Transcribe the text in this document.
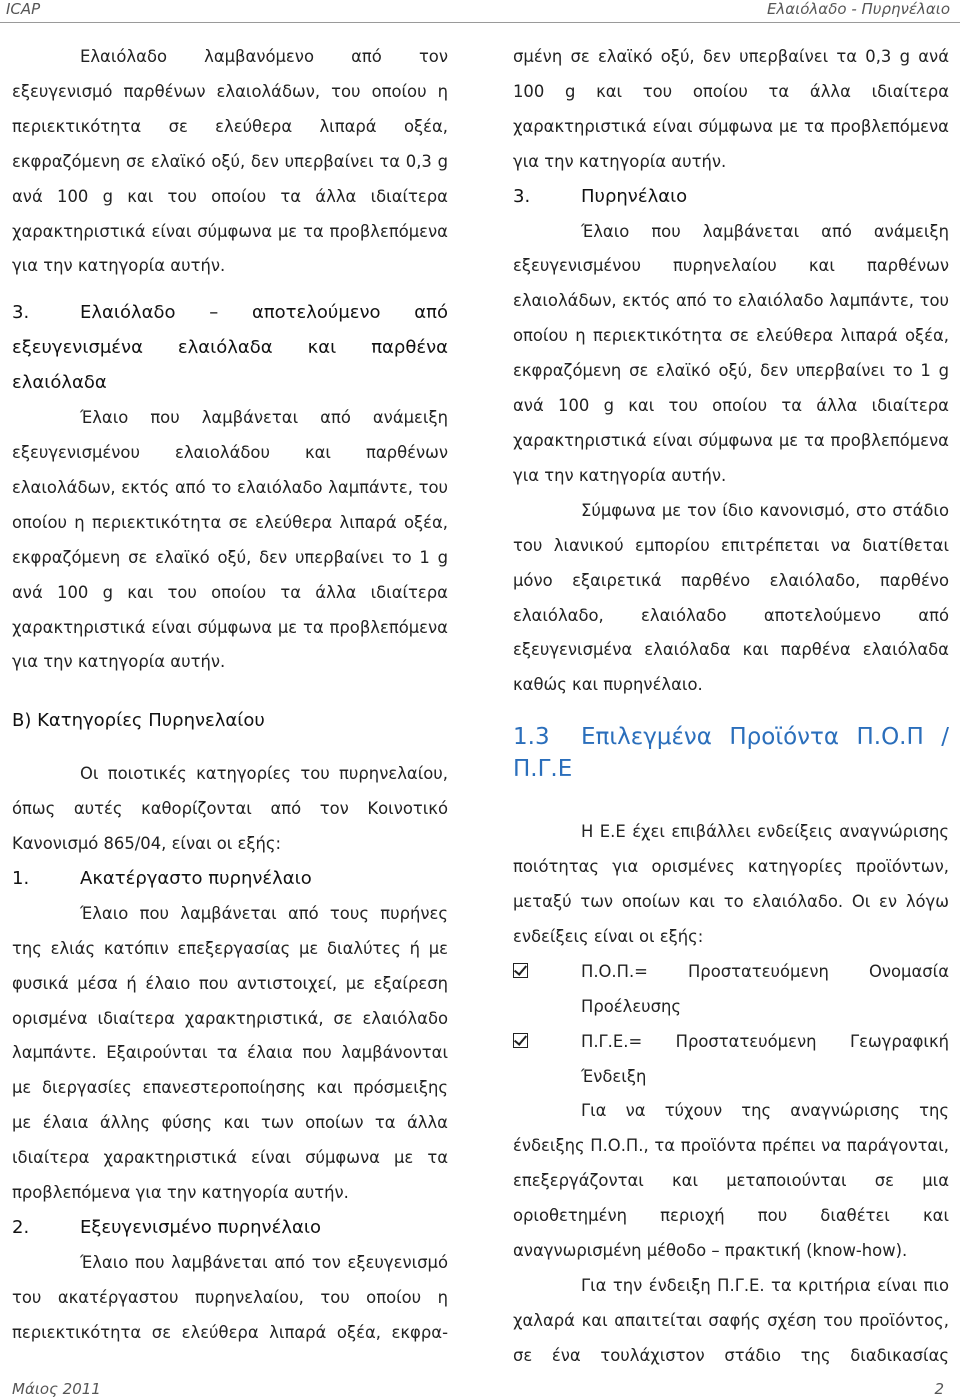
ICAP	Ελαιόλαδο - Πυρηνέλαιο

Ελαιόλαδο λαμβανόμενο από τον εξευγενισμό παρθένων ελαιολάδων, του οποίου η περιεκτικότητα σε ελεύθερα λιπαρά οξέα, εκφραζόμενη σε ελαϊκό οξύ, δεν υπερβαίνει τα 0,3 g ανά 100 g και του οποίου τα άλλα ιδιαίτερα χαρακτηριστικά είναι σύμφωνα με τα προβλεπόμενα για την κατηγορία αυτήν.

3.	Ελαιόλαδο – αποτελούμενο από εξευγενισμένα ελαιόλαδα και παρθένα ελαιόλαδα

Έλαιο που λαμβάνεται από ανάμειξη εξευγενισμένου ελαιολάδου και παρθένων ελαιολάδων, εκτός από το ελαιόλαδο λαμπάντε, του οποίου η περιεκτικότητα σε ελεύθερα λιπαρά οξέα, εκφραζόμενη σε ελαϊκό οξύ, δεν υπερβαίνει το 1 g ανά 100 g και του οποίου τα άλλα ιδιαίτερα χαρακτηριστικά είναι σύμφωνα με τα προβλεπόμενα για την κατηγορία αυτήν.

Β) Κατηγορίες Πυρηνελαίου

Οι ποιοτικές κατηγορίες του πυρηνελαίου, όπως αυτές καθορίζονται από τον Κοινοτικό Κανονισμό 865/04, είναι οι εξής:

1.	Ακατέργαστο πυρηνέλαιο

Έλαιο που λαμβάνεται από τους πυρήνες της ελιάς κατόπιν επεξεργασίας με διαλύτες ή με φυσικά μέσα ή έλαιο που αντιστοιχεί, με εξαίρεση ορισμένα ιδιαίτερα χαρακτηριστικά, σε ελαιόλαδο λαμπάντε. Εξαιρούνται τα έλαια που λαμβάνονται με διεργασίες επανεστεροποίησης και πρόσμειξης με έλαια άλλης φύσης και των οποίων τα άλλα ιδιαίτερα χαρακτηριστικά είναι σύμφωνα με τα προβλεπόμενα για την κατηγορία αυτήν.

2.	Εξευγενισμένο πυρηνέλαιο

Έλαιο που λαμβάνεται από τον εξευγενισμό του ακατέργαστου πυρηνελαίου, του οποίου η περιεκτικότητα σε ελεύθερα λιπαρά οξέα, εκφρα-

σμένη σε ελαϊκό οξύ, δεν υπερβαίνει τα 0,3 g ανά 100 g και του οποίου τα άλλα ιδιαίτερα χαρακτηριστικά είναι σύμφωνα με τα προβλεπόμενα για την κατηγορία αυτήν.

3.	Πυρηνέλαιο

Έλαιο που λαμβάνεται από ανάμειξη εξευγενισμένου πυρηνελαίου και παρθένων ελαιολάδων, εκτός από το ελαιόλαδο λαμπάντε, του οποίου η περιεκτικότητα σε ελεύθερα λιπαρά οξέα, εκφραζόμενη σε ελαϊκό οξύ, δεν υπερβαίνει το 1 g ανά 100 g και του οποίου τα άλλα ιδιαίτερα χαρακτηριστικά είναι σύμφωνα με τα προβλεπόμενα για την κατηγορία αυτήν.

Σύμφωνα με τον ίδιο κανονισμό, στο στάδιο του λιανικού εμπορίου επιτρέπεται να διατίθεται μόνο εξαιρετικά παρθένο ελαιόλαδο, παρθένο ελαιόλαδο, ελαιόλαδο αποτελούμενο από εξευγενισμένα ελαιόλαδα και παρθένα ελαιόλαδα καθώς και πυρηνέλαιο.

1.3 Επιλεγμένα Προϊόντα Π.Ο.Π / Π.Γ.Ε

Η Ε.Ε έχει επιβάλλει ενδείξεις αναγνώρισης ποιότητας για ορισμένες κατηγορίες προϊόντων, μεταξύ των οποίων και το ελαιόλαδο. Οι εν λόγω ενδείξεις είναι οι εξής:

Π.Ο.Π.= Προστατευόμενη Ονομασία
Προέλευσης
Π.Γ.Ε.= Προστατευόμενη Γεωγραφική
Ένδειξη
Για να τύχουν της αναγνώρισης της

ένδειξης Π.Ο.Π., τα προϊόντα πρέπει να παράγονται, επεξεργάζονται και μεταποιούνται σε μια οριοθετημένη περιοχή που διαθέτει και αναγνωρισμένη μέθοδο – πρακτική (know-how).

Για την ένδειξη Π.Γ.Ε. τα κριτήρια είναι πιο χαλαρά και απαιτείται σαφής σχέση του προϊόντος, σε ένα τουλάχιστον στάδιο της διαδικασίας

Μάιος 2011	2
